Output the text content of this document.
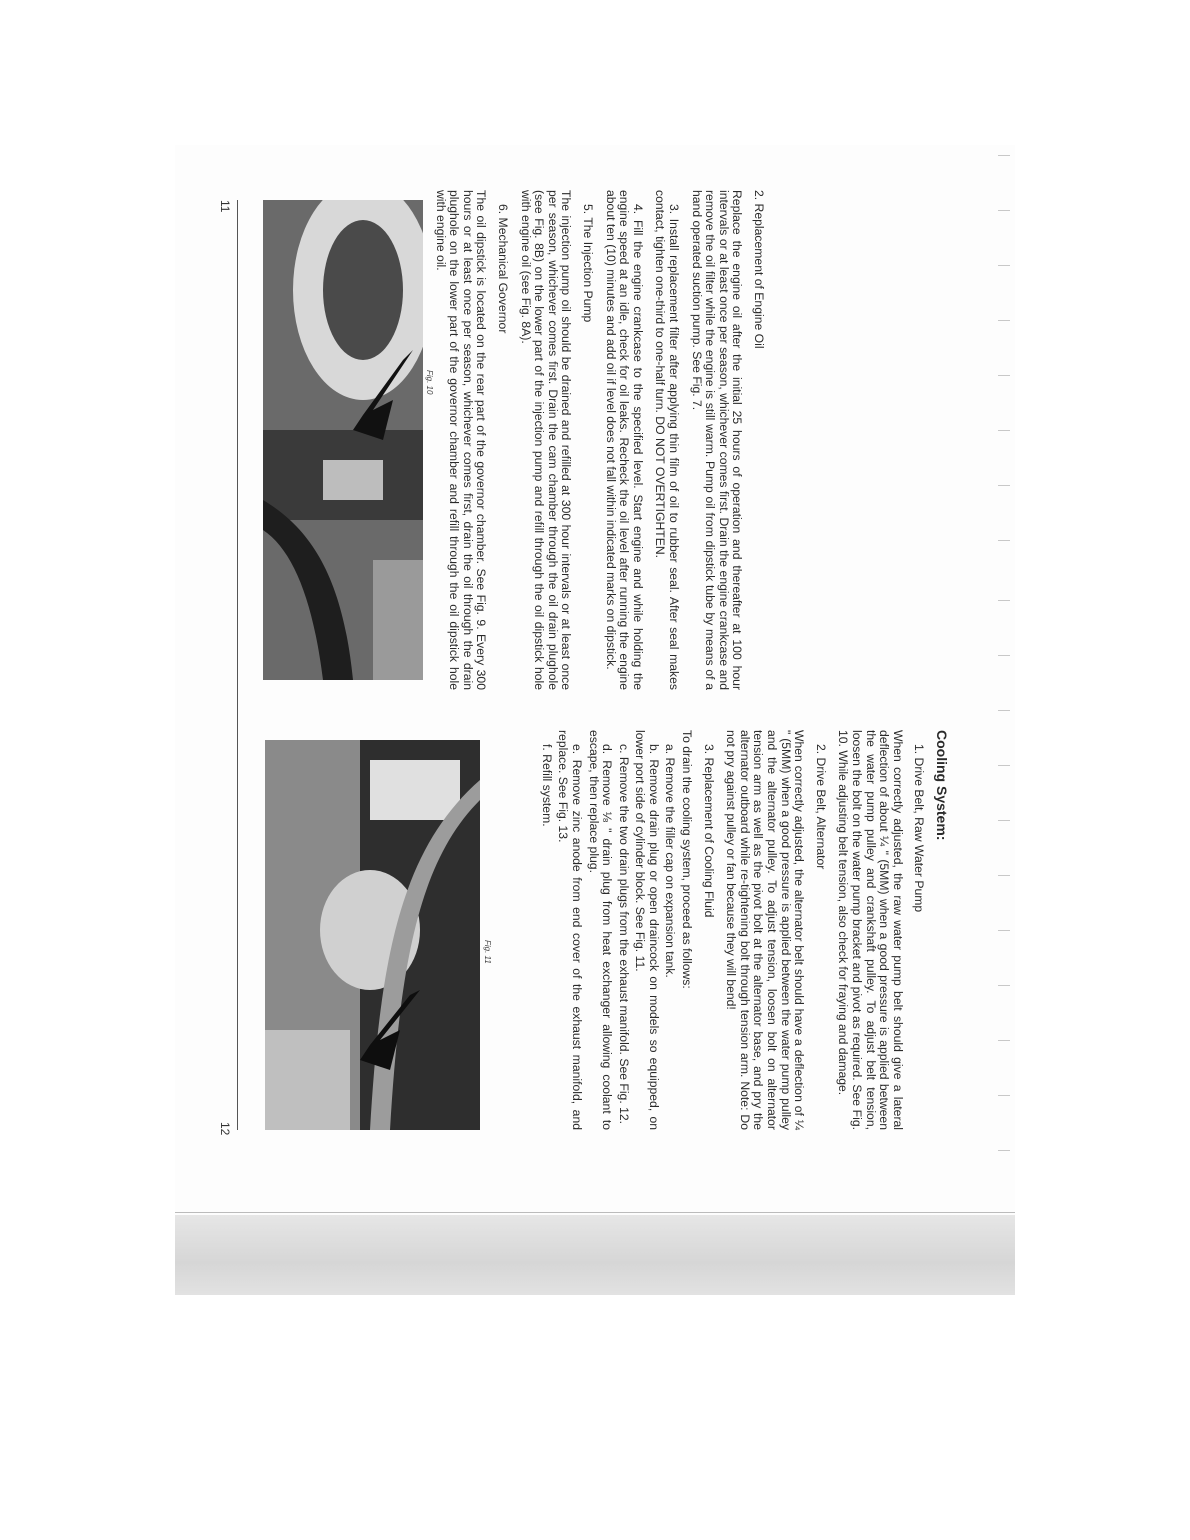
2. Replacement of Engine Oil

Replace the engine oil after the initial 25 hours of operation and thereafter at 100 hour intervals or at least once per season, whichever comes first. Drain the engine crankcase and remove the oil filter while the engine is still warm. Pump oil from dipstick tube by means of a hand operated suction pump. See Fig. 7.

3. Install replacement filter after applying thin film of oil to rubber seal. After seal makes contact, tighten one-third to one-half turn. DO NOT OVERTIGHTEN.

4. Fill the engine crankcase to the specified level. Start engine and while holding the engine speed at an idle, check for oil leaks. Recheck the oil level after running the engine about ten (10) minutes and add oil if level does not fall within indicated marks on dipstick.

5. The Injection Pump

The injection pump oil should be drained and refilled at 300 hour intervals or at least once per season, whichever comes first. Drain the cam chamber through the oil drain plughole (see Fig. 8B) on the lower part of the injection pump and refill through the oil dipstick hole with engine oil (see Fig. 8A).

6. Mechanical Governor

The oil dipstick is located on the rear part of the governor chamber. See Fig. 9. Every 300 hours or at least once per season, whichever comes first, drain the oil through the drain plughole on the lower part of the governor chamber and refill through the oil dipstick hole with engine oil.

Fig. 10
11
Cooling System:
1. Drive Belt, Raw Water Pump

When correctly adjusted, the raw water pump belt should give a lateral deflection of about ¼ " (5MM) when a good pressure is applied between the water pump pulley and crankshaft pulley. To adjust belt tension, loosen the bolt on the water pump bracket and pivot as required. See Fig. 10. While adjusting belt tension, also check for fraying and damage.

2. Drive Belt, Alternator

When correctly adjusted, the alternator belt should have a deflection of ¼ " (5MM) when a good pressure is applied between the water pump pulley and the alternator pulley. To adjust tension, loosen bolt on alternator tension arm as well as the pivot bolt at the alternator base, and pry the alternator outboard while re-tightening bolt through tension arm. Note: Do not pry against pulley or fan because they will bend!

3. Replacement of Cooling Fluid

To drain the cooling system, proceed as follows:

a. Remove the filler cap on expansion tank.

b. Remove drain plug or open draincock on models so equipped, on lower port side of cylinder block. See Fig. 11.

c. Remove the two drain plugs from the exhaust manifold. See Fig. 12.

d. Remove ⅛ " drain plug from heat exchanger allowing coolant to escape, then replace plug.

e. Remove zinc anode from end cover of the exhaust manifold, and replace. See Fig. 13.

f. Refill system.

Fig. 11
12
